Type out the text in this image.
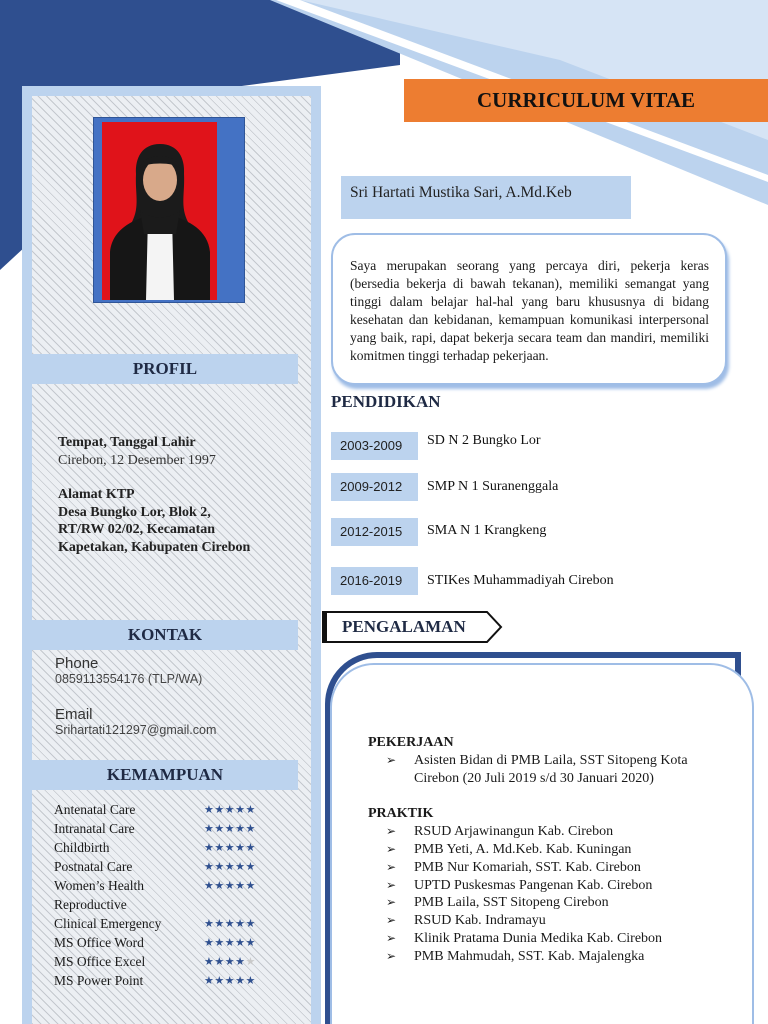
PROFIL
Tempat, Tanggal Lahir
Cirebon, 12 Desember 1997
Alamat KTP
Desa Bungko Lor, Blok 2,
RT/RW 02/02, Kecamatan
Kapetakan, Kabupaten Cirebon
KONTAK
Phone
0859113554176 (TLP/WA)
Email
Srihartati121297@gmail.com
KEMAMPUAN
Antenatal Care	★★★★★
Intranatal Care	★★★★★
Childbirth	★★★★★
Postnatal Care	★★★★★
Women’s Health	★★★★★
Reproductive
Clinical Emergency	★★★★★
MS Office Word	★★★★★
MS Office Excel	★★★★★
MS Power Point	★★★★★
CURRICULUM VITAE
Sri Hartati Mustika Sari, A.Md.Keb
Saya merupakan seorang yang percaya diri, pekerja keras (bersedia bekerja di bawah tekanan), memiliki semangat yang tinggi dalam belajar hal-hal yang baru khususnya di bidang kesehatan dan kebidanan, kemampuan komunikasi interpersonal yang baik, rapi, dapat bekerja secara team dan mandiri, memiliki komitmen tinggi terhadap pekerjaan.
PENDIDIKAN
2003-2009	SD N 2 Bungko Lor
2009-2012	SMP N 1 Suranenggala
2012-2015	SMA N 1 Krangkeng
2016-2019	STIKes Muhammadiyah Cirebon
PENGALAMAN
PEKERJAAN
➢ Asisten Bidan di PMB Laila, SST Sitopeng Kota Cirebon (20 Juli 2019 s/d 30 Januari 2020)
PRAKTIK
➢ RSUD Arjawinangun Kab. Cirebon
➢ PMB Yeti, A. Md.Keb. Kab. Kuningan
➢ PMB Nur Komariah, SST. Kab. Cirebon
➢ UPTD Puskesmas Pangenan Kab. Cirebon
➢ PMB Laila, SST Sitopeng Cirebon
➢ RSUD Kab. Indramayu
➢ Klinik Pratama Dunia Medika Kab. Cirebon
➢ PMB Mahmudah, SST. Kab. Majalengka
